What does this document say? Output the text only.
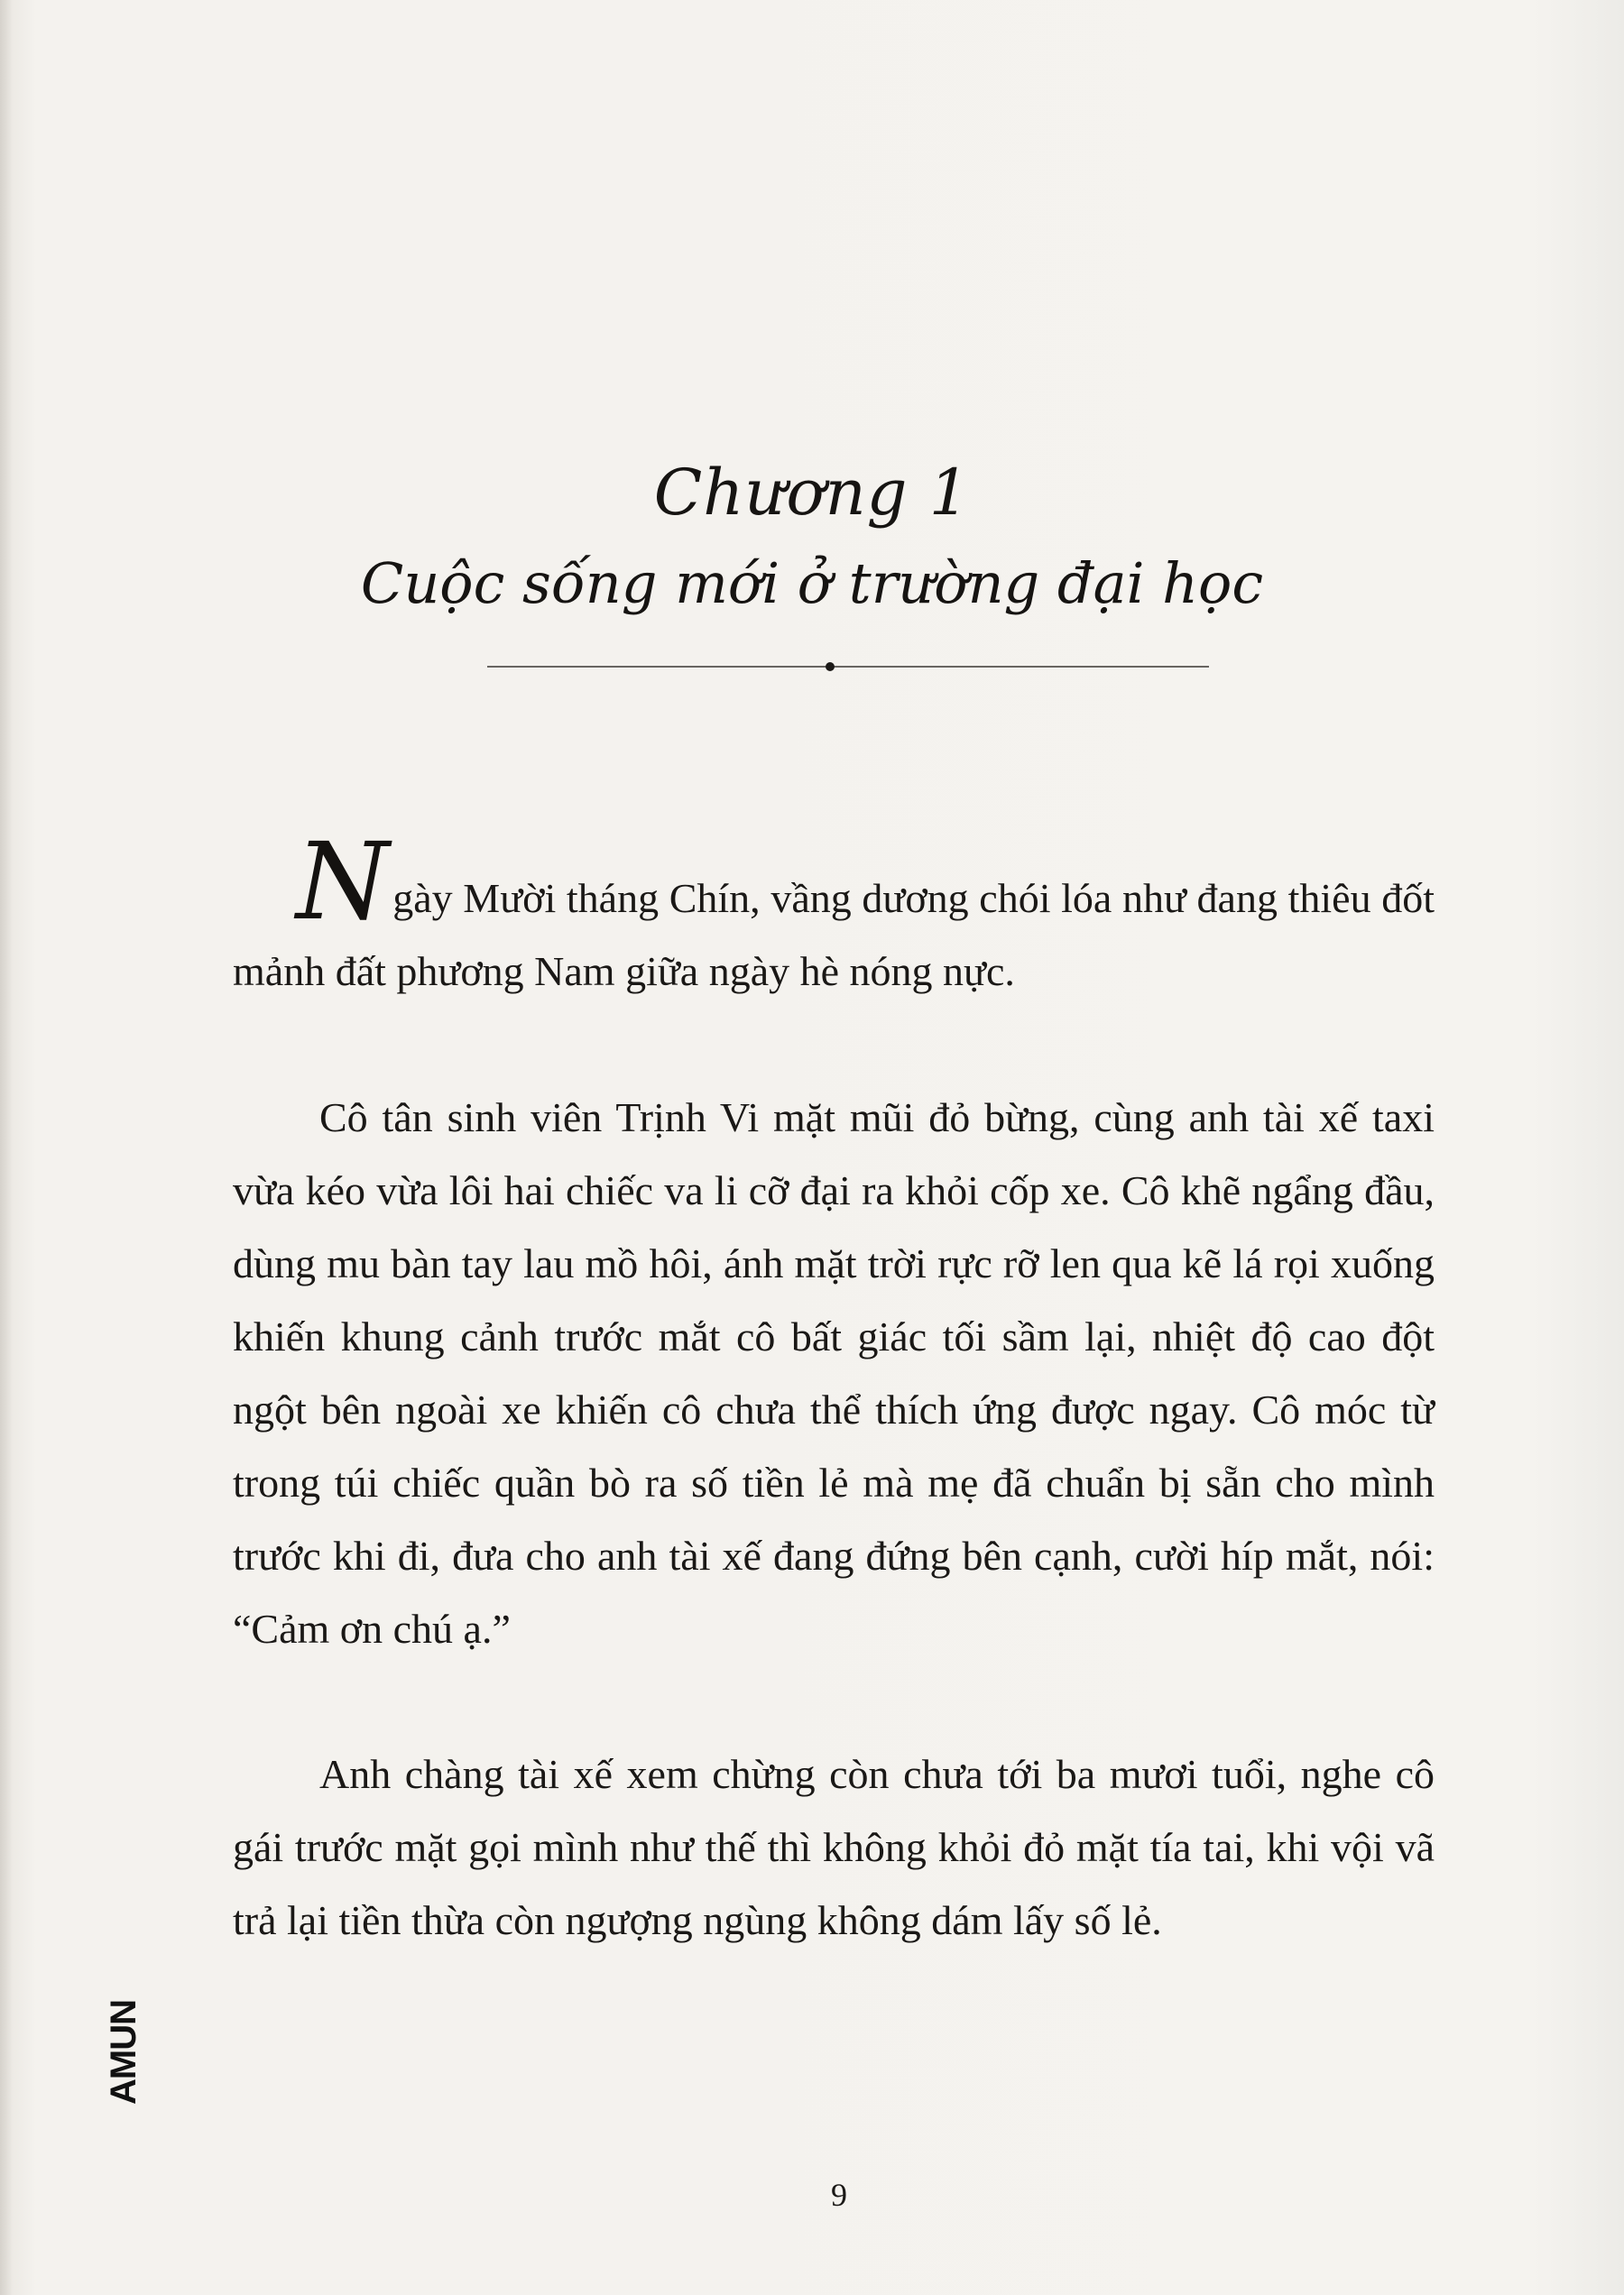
Chương 1
Cuộc sống mới ở trường đại học

Ngày Mười tháng Chín, vầng dương chói lóa như đang thiêu đốt mảnh đất phương Nam giữa ngày hè nóng nực.

Cô tân sinh viên Trịnh Vi mặt mũi đỏ bừng, cùng anh tài xế taxi vừa kéo vừa lôi hai chiếc va li cỡ đại ra khỏi cốp xe. Cô khẽ ngẩng đầu, dùng mu bàn tay lau mồ hôi, ánh mặt trời rực rỡ len qua kẽ lá rọi xuống khiến khung cảnh trước mắt cô bất giác tối sầm lại, nhiệt độ cao đột ngột bên ngoài xe khiến cô chưa thể thích ứng được ngay. Cô móc từ trong túi chiếc quần bò ra số tiền lẻ mà mẹ đã chuẩn bị sẵn cho mình trước khi đi, đưa cho anh tài xế đang đứng bên cạnh, cười híp mắt, nói: “Cảm ơn chú ạ.”

Anh chàng tài xế xem chừng còn chưa tới ba mươi tuổi, nghe cô gái trước mặt gọi mình như thế thì không khỏi đỏ mặt tía tai, khi vội vã trả lại tiền thừa còn ngượng ngùng không dám lấy số lẻ.

AMUN
9
